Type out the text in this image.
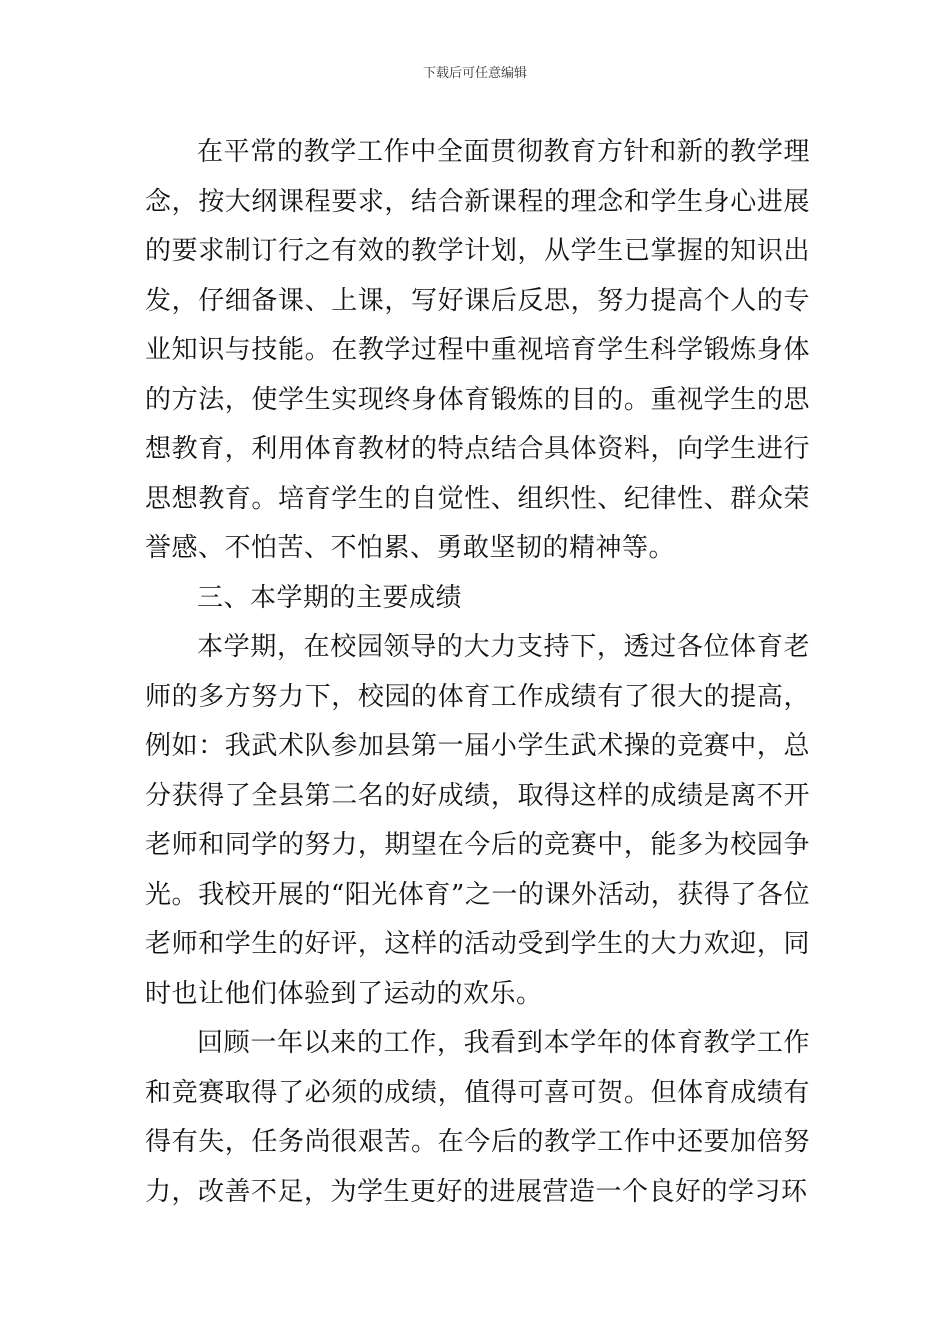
下载后可任意编辑

在平常的教学工作中全面贯彻教育方针和新的教学理念，按大纲课程要求，结合新课程的理念和学生身心进展的要求制订行之有效的教学计划，从学生已掌握的知识出发，仔细备课、上课，写好课后反思，努力提高个人的专业知识与技能。在教学过程中重视培育学生科学锻炼身体的方法，使学生实现终身体育锻炼的目的。重视学生的思想教育，利用体育教材的特点结合具体资料，向学生进行思想教育。培育学生的自觉性、组织性、纪律性、群众荣誉感、不怕苦、不怕累、勇敢坚韧的精神等。

三、本学期的主要成绩

本学期，在校园领导的大力支持下，透过各位体育老师的多方努力下，校园的体育工作成绩有了很大的提高，例如：我武术队参加县第一届小学生武术操的竞赛中，总分获得了全县第二名的好成绩，取得这样的成绩是离不开老师和同学的努力，期望在今后的竞赛中，能多为校园争光。我校开展的“阳光体育”之一的课外活动，获得了各位老师和学生的好评，这样的活动受到学生的大力欢迎，同时也让他们体验到了运动的欢乐。

回顾一年以来的工作，我看到本学年的体育教学工作和竞赛取得了必须的成绩，值得可喜可贺。但体育成绩有得有失，任务尚很艰苦。在今后的教学工作中还要加倍努力，改善不足，为学生更好的进展营造一个良好的学习环
